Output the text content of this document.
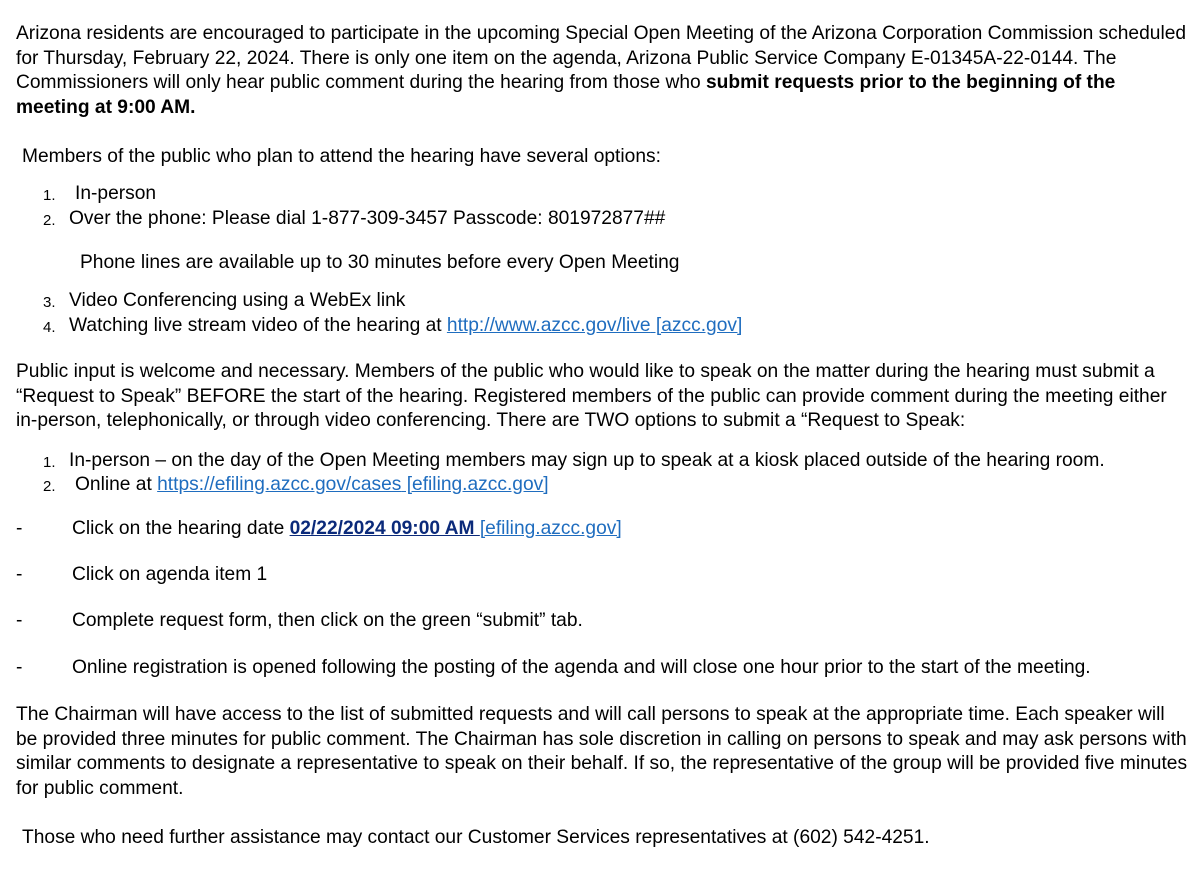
Arizona residents are encouraged to participate in the upcoming Special Open Meeting of the Arizona Corporation Commission scheduled for Thursday, February 22, 2024. There is only one item on the agenda, Arizona Public Service Company E-01345A-22-0144. The Commissioners will only hear public comment during the hearing from those who submit requests prior to the beginning of the meeting at 9:00 AM.

Members of the public who plan to attend the hearing have several options:

1. In-person
2. Over the phone: Please dial 1-877-309-3457 Passcode: 801972877##

Phone lines are available up to 30 minutes before every Open Meeting

3. Video Conferencing using a WebEx link
4. Watching live stream video of the hearing at http://www.azcc.gov/live [azcc.gov]

Public input is welcome and necessary. Members of the public who would like to speak on the matter during the hearing must submit a “Request to Speak” BEFORE the start of the hearing. Registered members of the public can provide comment during the meeting either in-person, telephonically, or through video conferencing. There are TWO options to submit a “Request to Speak:

1. In-person – on the day of the Open Meeting members may sign up to speak at a kiosk placed outside of the hearing room.
2. Online at https://efiling.azcc.gov/cases [efiling.azcc.gov]
-	Click on the hearing date 02/22/2024 09:00 AM [efiling.azcc.gov]
-	Click on agenda item 1
-	Complete request form, then click on the green “submit” tab.
-	Online registration is opened following the posting of the agenda and will close one hour prior to the start of the meeting.

The Chairman will have access to the list of submitted requests and will call persons to speak at the appropriate time. Each speaker will be provided three minutes for public comment. The Chairman has sole discretion in calling on persons to speak and may ask persons with similar comments to designate a representative to speak on their behalf. If so, the representative of the group will be provided five minutes for public comment.

Those who need further assistance may contact our Customer Services representatives at (602) 542-4251.
